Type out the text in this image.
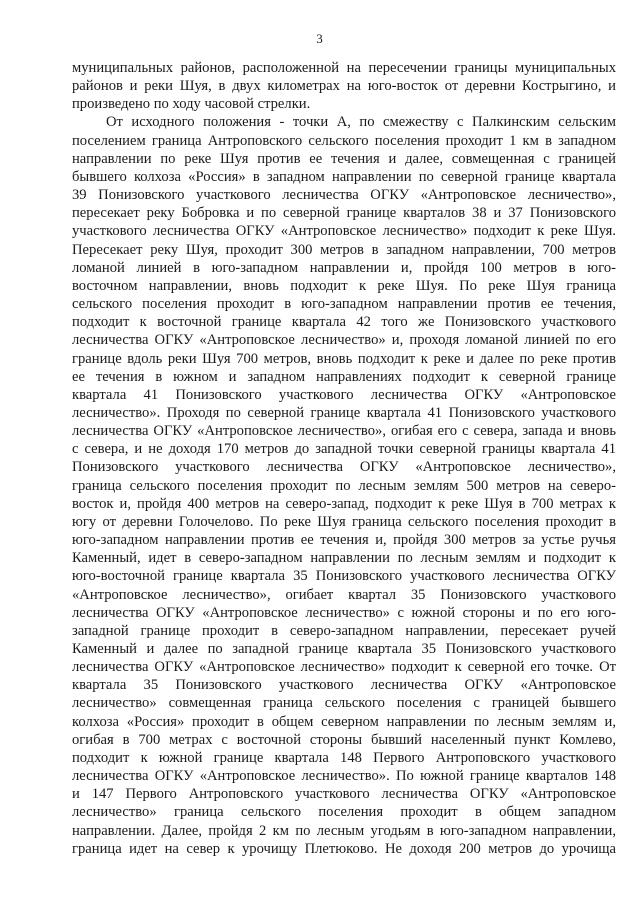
3

муниципальных районов, расположенной на пересечении границы муниципальных
районов и реки Шуя, в двух километрах на юго-восток от деревни Кострыгино, и
произведено по ходу часовой стрелки.

От исходного положения - точки А, по смежеству с Палкинским сельским
поселением граница Антроповского сельского поселения проходит 1 км в западном
направлении по реке Шуя против ее течения и далее, совмещенная с границей
бывшего колхоза «Россия» в западном направлении по северной границе квартала
39 Понизовского участкового лесничества ОГКУ «Антроповское лесничество»,
пересекает реку Бобровка и по северной границе кварталов 38 и 37 Понизовского
участкового лесничества ОГКУ «Антроповское лесничество» подходит к реке Шуя.
Пересекает реку Шуя, проходит 300 метров в западном направлении, 700 метров
ломаной линией в юго-западном направлении и, пройдя 100 метров в юго-
восточном направлении, вновь подходит к реке Шуя. По реке Шуя граница
сельского поселения проходит в юго-западном направлении против ее течения,
подходит к восточной границе квартала 42 того же Понизовского участкового
лесничества ОГКУ «Антроповское лесничество» и, проходя ломаной линией по его
границе вдоль реки Шуя 700 метров, вновь подходит к реке и далее по реке против
ее течения в южном и западном направлениях подходит к северной границе
квартала 41 Понизовского участкового лесничества ОГКУ «Антроповское
лесничество». Проходя по северной границе квартала 41 Понизовского участкового
лесничества ОГКУ «Антроповское лесничество», огибая его с севера, запада и вновь
с севера, и не доходя 170 метров до западной точки северной границы квартала 41
Понизовского участкового лесничества ОГКУ «Антроповское лесничество»,
граница сельского поселения проходит по лесным землям 500 метров на северо-
восток и, пройдя 400 метров на северо-запад, подходит к реке Шуя в 700 метрах к
югу от деревни Голочелово. По реке Шуя граница сельского поселения проходит в
юго-западном направлении против ее течения и, пройдя 300 метров за устье ручья
Каменный, идет в северо-западном направлении по лесным землям и подходит к
юго-восточной границе квартала 35 Понизовского участкового лесничества ОГКУ
«Антроповское лесничество», огибает квартал 35 Понизовского участкового
лесничества ОГКУ «Антроповское лесничество» с южной стороны и по его юго-
западной границе проходит в северо-западном направлении, пересекает ручей
Каменный и далее по западной границе квартала 35 Понизовского участкового
лесничества ОГКУ «Антроповское лесничество» подходит к северной его точке. От
квартала 35 Понизовского участкового лесничества ОГКУ «Антроповское
лесничество» совмещенная граница сельского поселения с границей бывшего
колхоза «Россия» проходит в общем северном направлении по лесным землям и,
огибая в 700 метрах с восточной стороны бывший населенный пункт Комлево,
подходит к южной границе квартала 148 Первого Антроповского участкового
лесничества ОГКУ «Антроповское лесничество». По южной границе кварталов 148
и 147 Первого Антроповского участкового лесничества ОГКУ «Антроповское
лесничество» граница сельского поселения проходит в общем западном
направлении. Далее, пройдя 2 км по лесным угодьям в юго-западном направлении,
граница идет на север к урочищу Плетюково. Не доходя 200 метров до урочища
